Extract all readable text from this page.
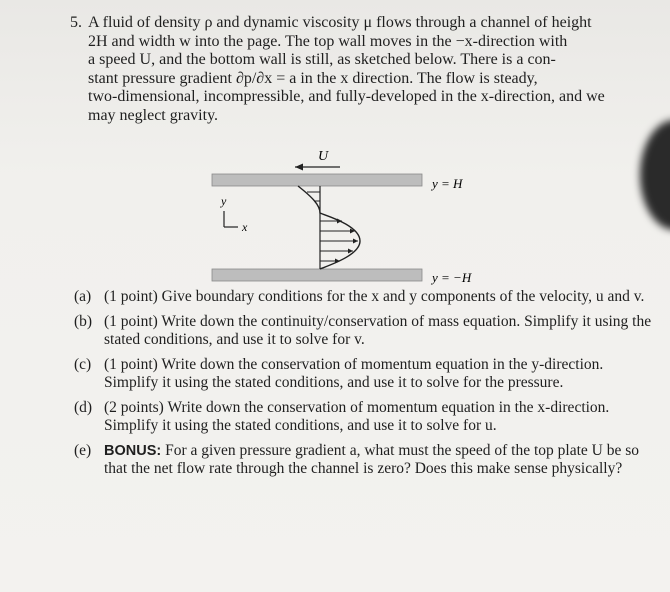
5. A fluid of density ρ and dynamic viscosity μ flows through a channel of height
2H and width w into the page. The top wall moves in the −x-direction with
a speed U, and the bottom wall is still, as sketched below. There is a con-
stant pressure gradient ∂p/∂x = a in the x direction. The flow is steady,
two-dimensional, incompressible, and fully-developed in the x-direction, and we
may neglect gravity.
U
y = H
y = −H
y
x
(a) (1 point) Give boundary conditions for the x and y components of the velocity, u and v.
(b) (1 point) Write down the continuity/conservation of mass equation. Simplify it using the stated conditions, and use it to solve for v.
(c) (1 point) Write down the conservation of momentum equation in the y-direction. Simplify it using the stated conditions, and use it to solve for the pressure.
(d) (2 points) Write down the conservation of momentum equation in the x-direction. Simplify it using the stated conditions, and use it to solve for u.
(e) BONUS: For a given pressure gradient a, what must the speed of the top plate U be so that the net flow rate through the channel is zero? Does this make sense physically?
